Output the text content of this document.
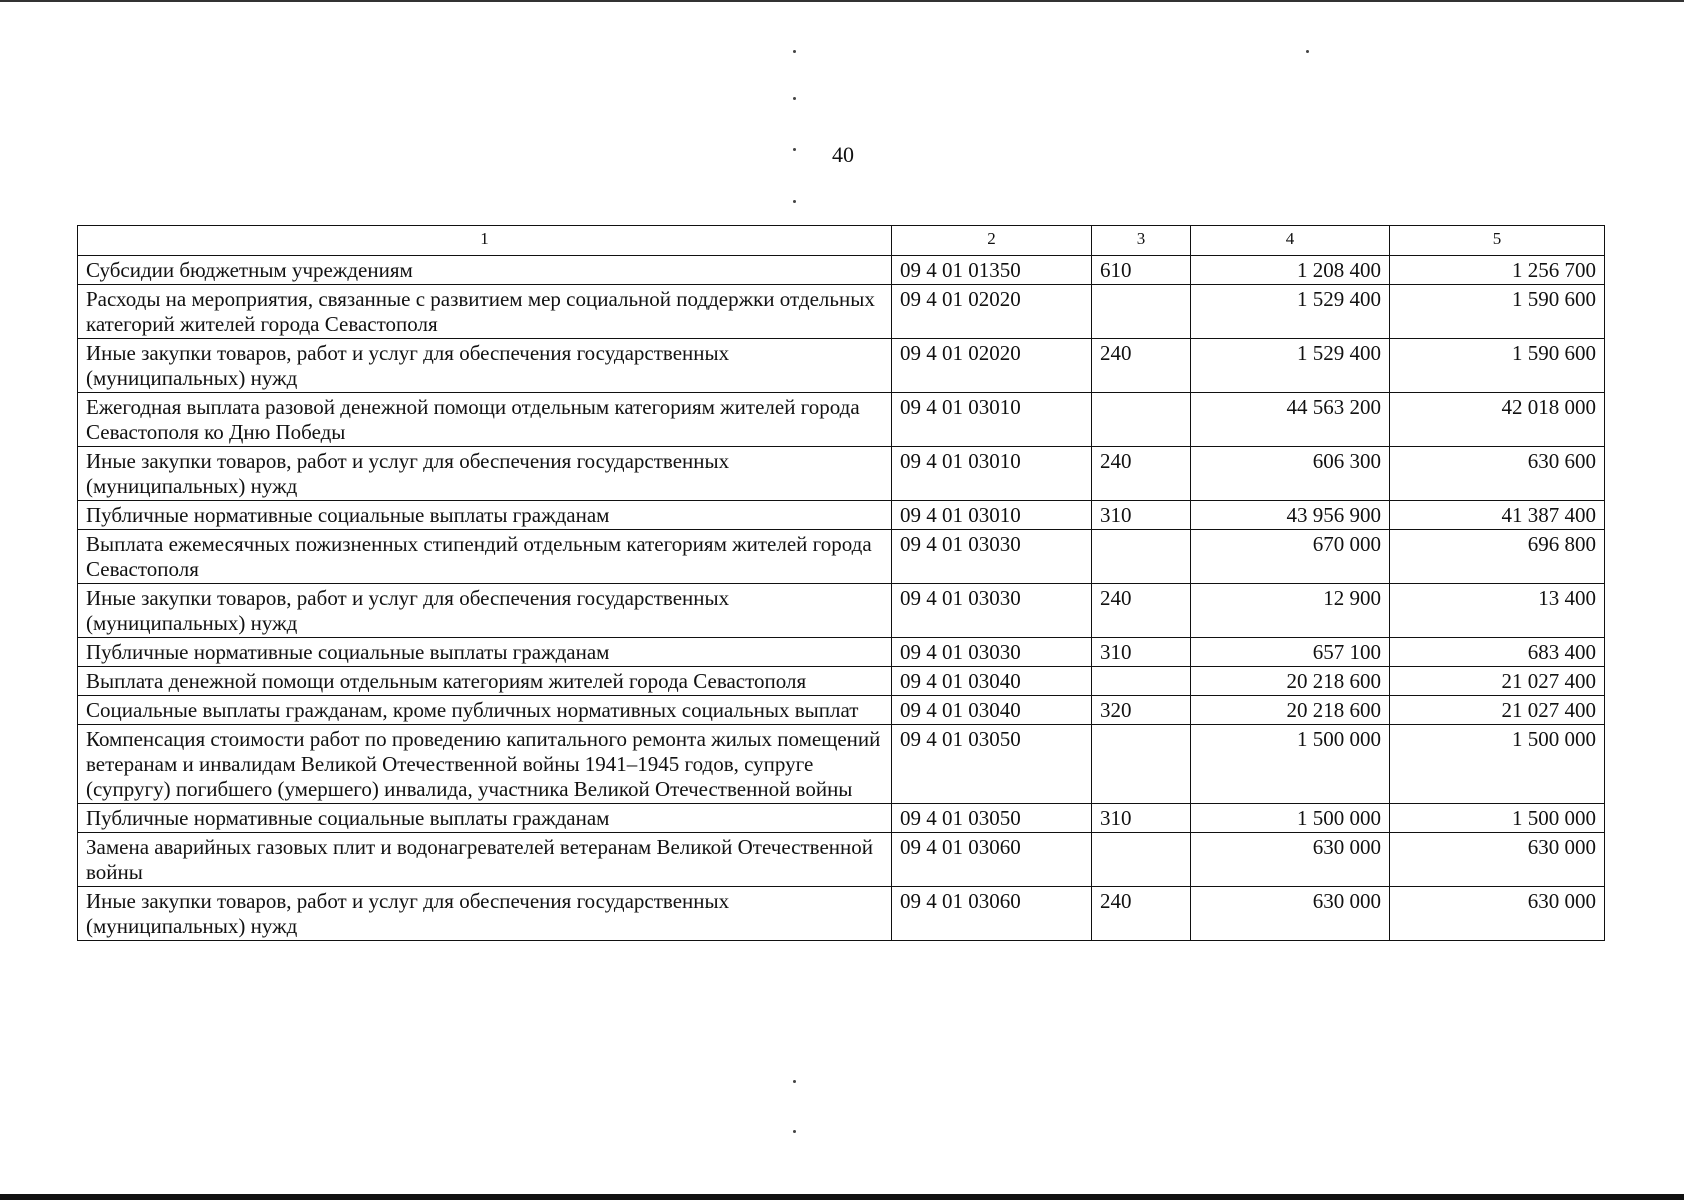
40
1	2	3	4	5
Субсидии бюджетным учреждениям	09 4 01 01350	610	1 208 400	1 256 700
Расходы на мероприятия, связанные с развитием мер социальной поддержки отдельных категорий жителей города Севастополя	09 4 01 02020		1 529 400	1 590 600
Иные закупки товаров, работ и услуг для обеспечения государственных (муниципальных) нужд	09 4 01 02020	240	1 529 400	1 590 600
Ежегодная выплата разовой денежной помощи отдельным категориям жителей города Севастополя ко Дню Победы	09 4 01 03010		44 563 200	42 018 000
Иные закупки товаров, работ и услуг для обеспечения государственных (муниципальных) нужд	09 4 01 03010	240	606 300	630 600
Публичные нормативные социальные выплаты гражданам	09 4 01 03010	310	43 956 900	41 387 400
Выплата ежемесячных пожизненных стипендий отдельным категориям жителей города Севастополя	09 4 01 03030		670 000	696 800
Иные закупки товаров, работ и услуг для обеспечения государственных (муниципальных) нужд	09 4 01 03030	240	12 900	13 400
Публичные нормативные социальные выплаты гражданам	09 4 01 03030	310	657 100	683 400
Выплата денежной помощи отдельным категориям жителей города Севастополя	09 4 01 03040		20 218 600	21 027 400
Социальные выплаты гражданам, кроме публичных нормативных социальных выплат	09 4 01 03040	320	20 218 600	21 027 400
Компенсация стоимости работ по проведению капитального ремонта жилых помещений ветеранам и инвалидам Великой Отечественной войны 1941–1945 годов, супруге (супругу) погибшего (умершего) инвалида, участника Великой Отечественной войны	09 4 01 03050		1 500 000	1 500 000
Публичные нормативные социальные выплаты гражданам	09 4 01 03050	310	1 500 000	1 500 000
Замена аварийных газовых плит и водонагревателей ветеранам Великой Отечественной войны	09 4 01 03060		630 000	630 000
Иные закупки товаров, работ и услуг для обеспечения государственных (муниципальных) нужд	09 4 01 03060	240	630 000	630 000
